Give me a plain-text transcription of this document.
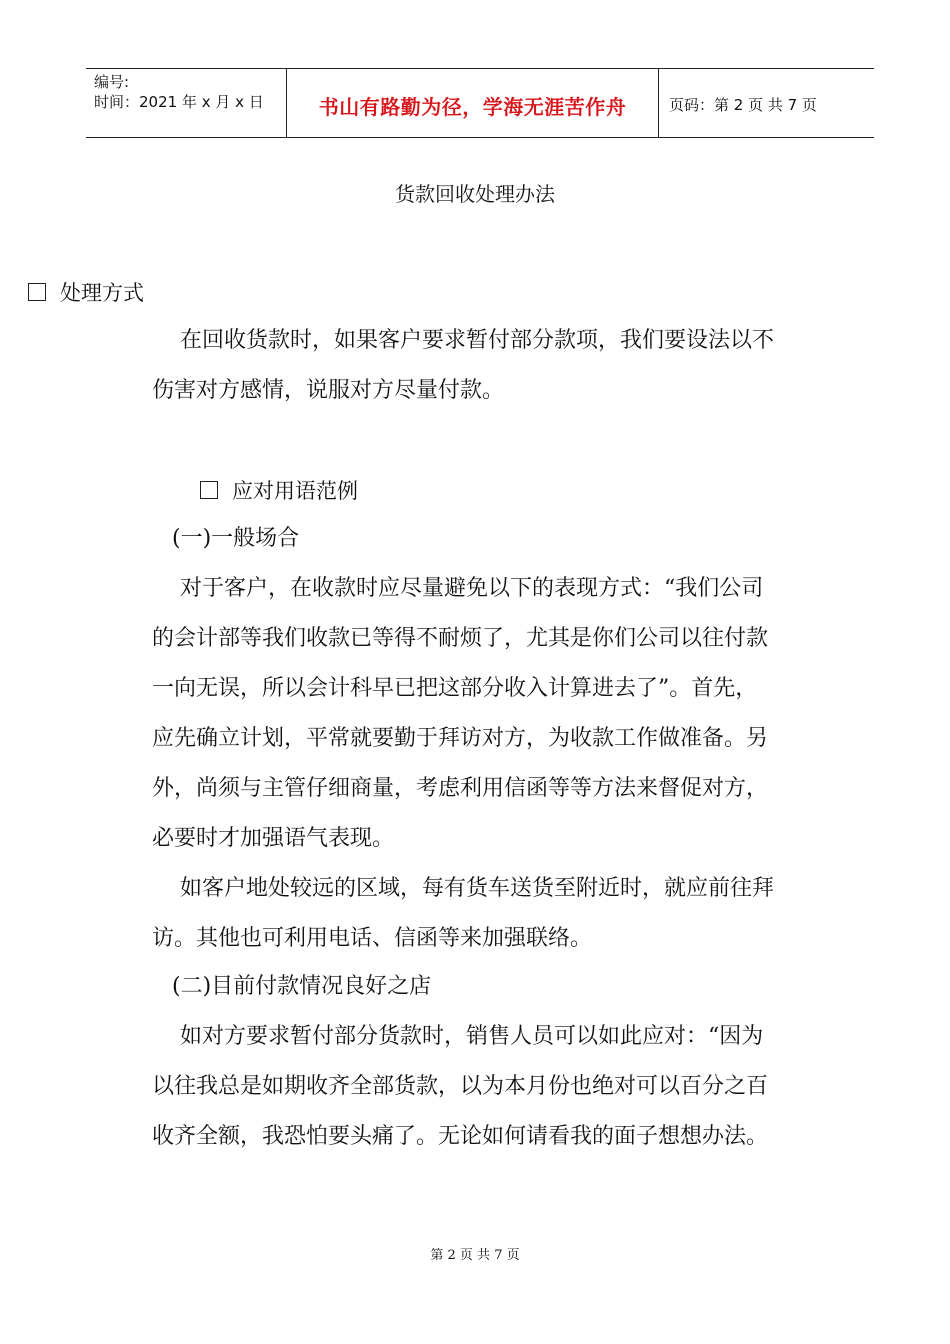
编号:
时间：2021 年 x 月 x 日	书山有路勤为径，学海无涯苦作舟	页码：第 2 页 共 7 页
货款回收处理办法
处理方式
在回收货款时，如果客户要求暂付部分款项，我们要设法以不
伤害对方感情，说服对方尽量付款。
应对用语范例
(一)一般场合
对于客户，在收款时应尽量避免以下的表现方式：“我们公司
的会计部等我们收款已等得不耐烦了，尤其是你们公司以往付款
一向无误，所以会计科早已把这部分收入计算进去了”。首先，
应先确立计划，平常就要勤于拜访对方，为收款工作做准备。另
外，尚须与主管仔细商量，考虑利用信函等等方法来督促对方，
必要时才加强语气表现。
如客户地处较远的区域，每有货车送货至附近时，就应前往拜
访。其他也可利用电话、信函等来加强联络。
(二)目前付款情况良好之店
如对方要求暂付部分货款时，销售人员可以如此应对：“因为
以往我总是如期收齐全部货款，以为本月份也绝对可以百分之百
收齐全额，我恐怕要头痛了。无论如何请看我的面子想想办法。
第 2 页 共 7 页
